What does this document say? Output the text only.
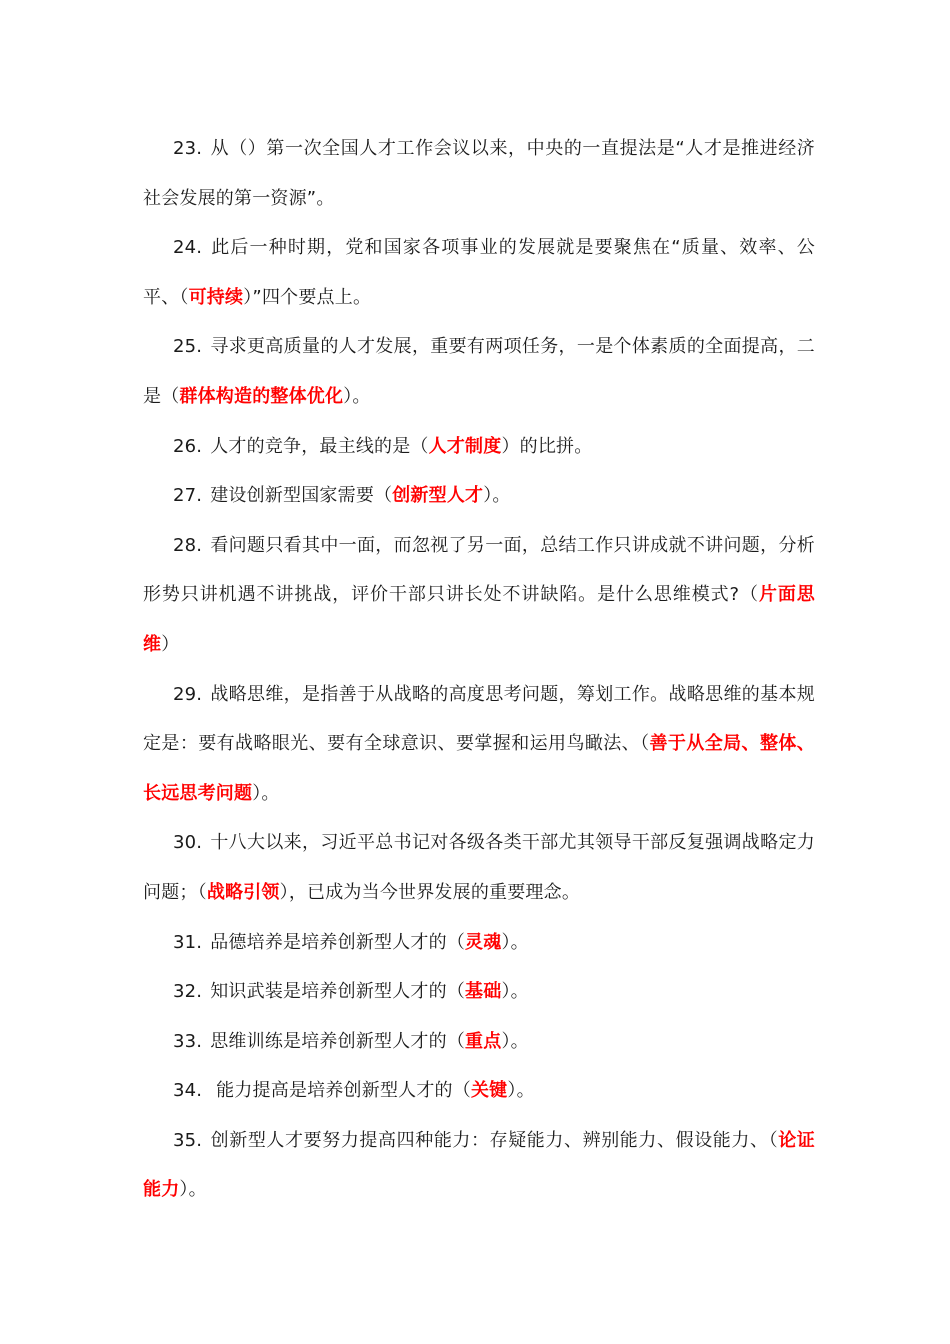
23. 从（）第一次全国人才工作会议以来，中央的一直提法是“人才是推进经济社会发展的第一资源”。

24. 此后一种时期，党和国家各项事业的发展就是要聚焦在“质量、效率、公平、（可持续）”四个要点上。

25. 寻求更高质量的人才发展，重要有两项任务，一是个体素质的全面提高，二是（群体构造的整体优化）。

26. 人才的竞争，最主线的是（人才制度）的比拼。

27. 建设创新型国家需要（创新型人才）。

28. 看问题只看其中一面，而忽视了另一面，总结工作只讲成就不讲问题，分析形势只讲机遇不讲挑战，评价干部只讲长处不讲缺陷。是什么思维模式?（片面思维）

29. 战略思维，是指善于从战略的高度思考问题，筹划工作。战略思维的基本规定是：要有战略眼光、要有全球意识、要掌握和运用鸟瞰法、（善于从全局、整体、长远思考问题）。

30. 十八大以来，习近平总书记对各级各类干部尤其领导干部反复强调战略定力问题；（战略引领），已成为当今世界发展的重要理念。

31. 品德培养是培养创新型人才的（灵魂）。

32. 知识武装是培养创新型人才的（基础）。

33. 思维训练是培养创新型人才的（重点）。

34. 能力提高是培养创新型人才的（关键）。

35. 创新型人才要努力提高四种能力：存疑能力、辨别能力、假设能力、（论证能力）。
